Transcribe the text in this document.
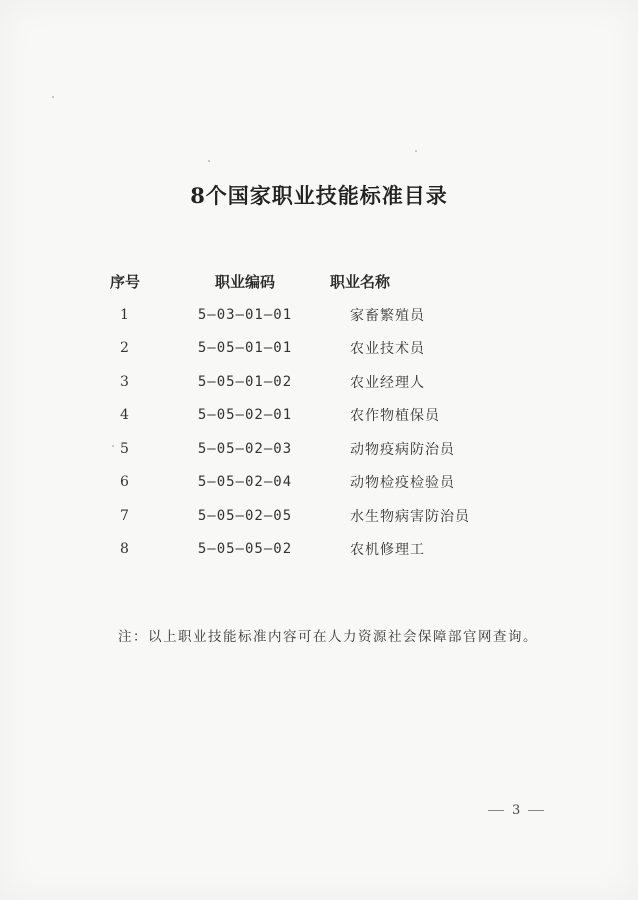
8个国家职业技能标准目录
序号	职业编码	职业名称
1	5—03—01—01	家畜繁殖员
2	5—05—01—01	农业技术员
3	5—05—01—02	农业经理人
4	5—05—02—01	农作物植保员
5	5—05—02—03	动物疫病防治员
6	5—05—02—04	动物检疫检验员
7	5—05—02—05	水生物病害防治员
8	5—05—05—02	农机修理工
注：以上职业技能标准内容可在人力资源社会保障部官网查询。
3
